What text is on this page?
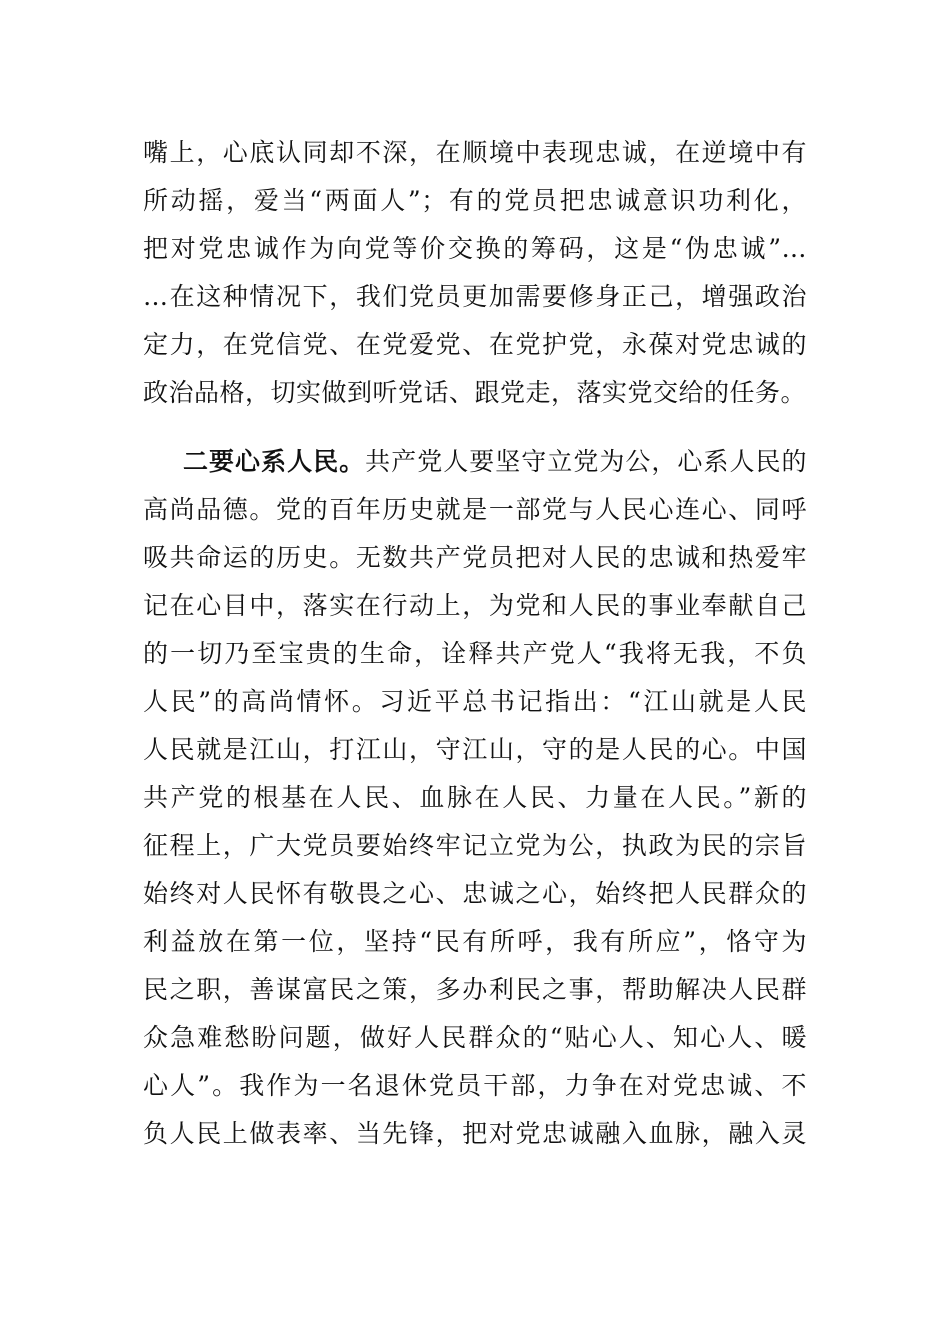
嘴上，心底认同却不深，在顺境中表现忠诚，在逆境中有
所动摇，爱当“两面人”；有的党员把忠诚意识功利化，
把对党忠诚作为向党等价交换的筹码，这是“伪忠诚”…
…在这种情况下，我们党员更加需要修身正己，增强政治
定力，在党信党、在党爱党、在党护党，永葆对党忠诚的
政治品格，切实做到听党话、跟党走，落实党交给的任务。
二要心系人民。共产党人要坚守立党为公，心系人民的
高尚品德。党的百年历史就是一部党与人民心连心、同呼
吸共命运的历史。无数共产党员把对人民的忠诚和热爱牢
记在心目中，落实在行动上，为党和人民的事业奉献自己
的一切乃至宝贵的生命，诠释共产党人“我将无我，不负
人民”的高尚情怀。习近平总书记指出：“江山就是人民
人民就是江山，打江山，守江山，守的是人民的心。中国
共产党的根基在人民、血脉在人民、力量在人民。”新的
征程上，广大党员要始终牢记立党为公，执政为民的宗旨
始终对人民怀有敬畏之心、忠诚之心，始终把人民群众的
利益放在第一位，坚持“民有所呼，我有所应”，恪守为
民之职，善谋富民之策，多办利民之事，帮助解决人民群
众急难愁盼问题，做好人民群众的“贴心人、知心人、暖
心人”。我作为一名退休党员干部，力争在对党忠诚、不
负人民上做表率、当先锋，把对党忠诚融入血脉，融入灵
